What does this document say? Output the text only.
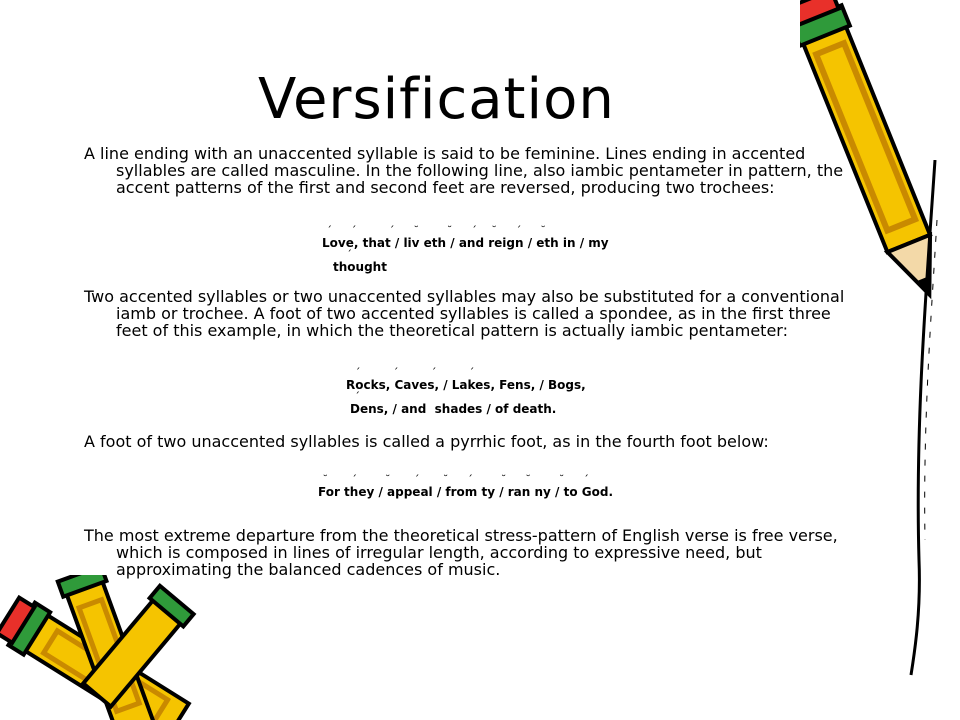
Versification

A line ending with an unaccented syllable is said to be feminine. Lines ending in accented syllables are called masculine. In the following line, also iambic pentameter in pattern, the accent patterns of the first and second feet are reversed, producing two trochees:

´    ´       ´    ˘      ˘    ´   ˘    ´    ˘
Love, that / liv eth / and reign / eth in / my
´
thought

Two accented syllables or two unaccented syllables may also be substituted for a conventional iamb or trochee. A foot of two accented syllables is called a spondee, as in the first three feet of this example, in which the theoretical pattern is actually iambic pentameter:

´       ´       ´       ´
Rocks, Caves, / Lakes, Fens, / Bogs,
´
Dens, / and  shades / of death.

A foot of two unaccented syllables is called a pyrrhic foot, as in the fourth foot below:

˘     ´      ˘     ´     ˘    ´      ˘    ˘      ˘    ´
For they / appeal / from ty / ran ny / to God.

The most extreme departure from the theoretical stress-pattern of English verse is free verse, which is composed in lines of irregular length, according to expressive need, but approximating the balanced cadences of music.
